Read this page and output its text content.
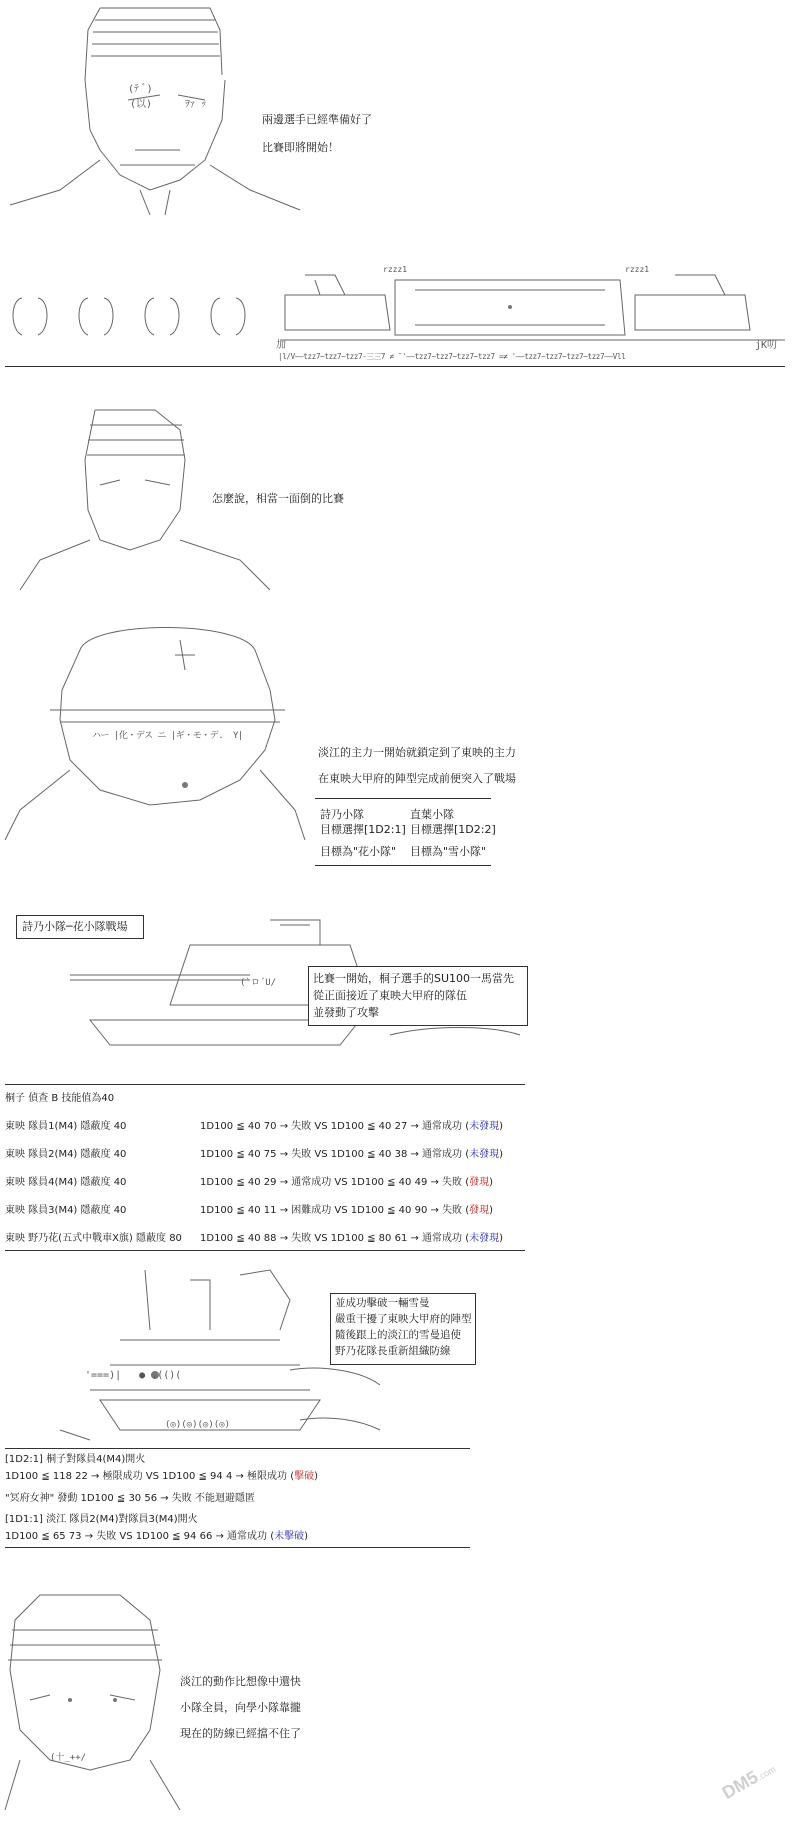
(ﾃ ﾞ)
(以)	ｦｧ ｯ
兩邊選手已經準備好了
比賽即將開始！
rzzz1	rzzz1
加	jK叨
|l/V——tzz7~tzz7~tzz7-三三7 ≠ ¯'——tzz7~tzz7~tzz7~tzz7 =≠ '——tzz7~tzz7~tzz7~tzz7——Vll
怎麼說，相當一面倒的比賽
ハー |化・デス ニ |ギ・モ・デ.  Y|
淡江的主力一開始就鎖定到了東映的主力
在東映大甲府的陣型完成前便突入了戰場
詩乃小隊	直葉小隊
目標選擇[1D2:1] 目標選擇[1D2:2]
目標為"花小隊" 目標為"雪小隊"
詩乃小隊─花小隊戰場
(`ロ´U/	比賽一開始，桐子選手的SU100一馬當先
從正面接近了東映大甲府的隊伍
並發動了攻擊
桐子 偵查 B 技能值為40
東映 隊員1(M4) 隱蔽度 40	1D100 ≦ 40 70 → 失敗 VS 1D100 ≦ 40 27 → 通常成功 (未發現)
東映 隊員2(M4) 隱蔽度 40	1D100 ≦ 40 75 → 失敗 VS 1D100 ≦ 40 38 → 通常成功 (未發現)
東映 隊員4(M4) 隱蔽度 40	1D100 ≦ 40 29 → 通常成功 VS 1D100 ≦ 40 49 → 失敗 (發現)
東映 隊員3(M4) 隱蔽度 40	1D100 ≦ 40 11 → 困難成功 VS 1D100 ≦ 40 90 → 失敗 (發現)
東映 野乃花(五式中戰車X旗) 隱蔽度 80 1D100 ≦ 40 88 → 失敗 VS 1D100 ≦ 80 61 → 通常成功 (未發現)
'===)|   ● .(()(
(◎)(◎)(◎)(◎)
並成功擊破一輛雪曼
嚴重干擾了東映大甲府的陣型
隨後跟上的淡江的雪曼追使
野乃花隊長重新組織防線
[1D2:1] 桐子對隊員4(M4)開火
1D100 ≦ 118 22 → 極限成功 VS 1D100 ≦ 94 4 → 極限成功 (擊破)
"冥府女神" 發動 1D100 ≦ 30 56 → 失敗 不能迴避隱匿
[1D1:1] 淡江 隊員2(M4)對隊員3(M4)開火
1D100 ≦ 65 73 → 失敗 VS 1D100 ≦ 94 66 → 通常成功 (未擊破)
(十_++/
淡江的動作比想像中還快
小隊全員，向學小隊靠攏
現在的防線已經擋不住了
DM5.com
